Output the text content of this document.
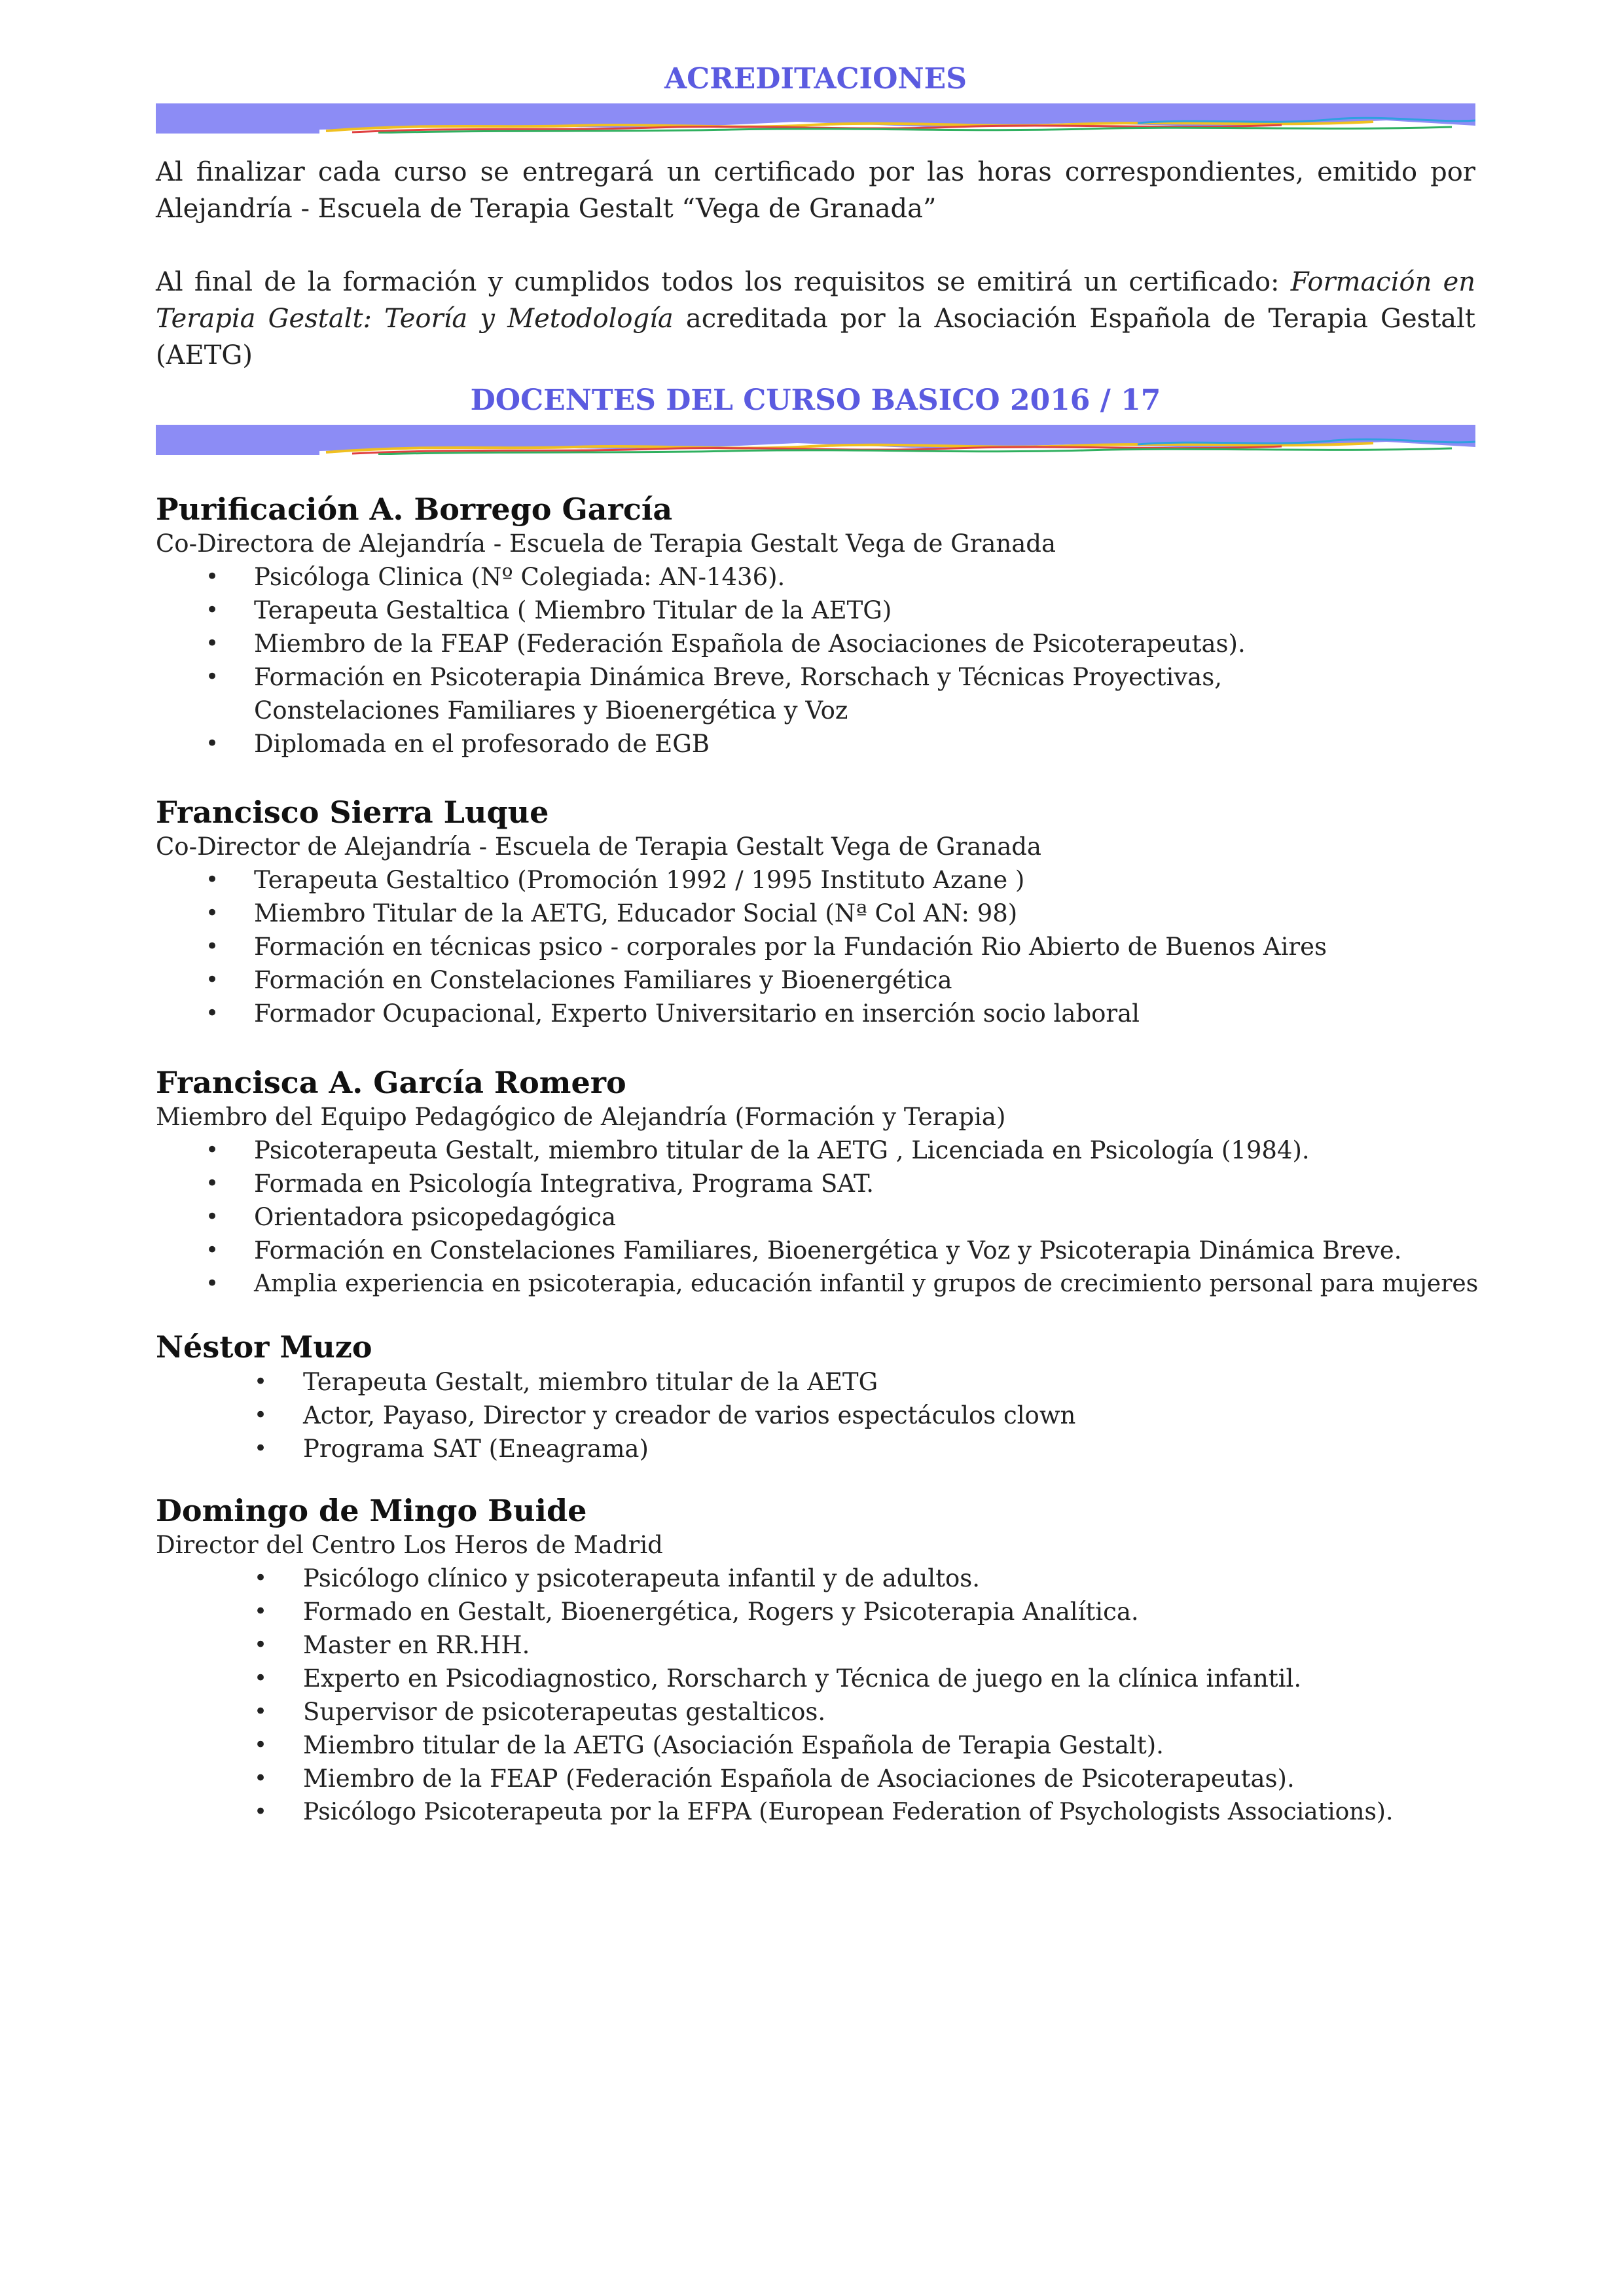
ACREDITACIONES

Al finalizar cada curso se entregará un certificado por las horas correspondientes, emitido por Alejandría - Escuela de Terapia Gestalt “Vega de Granada”

Al final de la formación y cumplidos todos los requisitos se emitirá un certificado: Formación en Terapia Gestalt: Teoría y Metodología acreditada por la Asociación Española de Terapia Gestalt (AETG)

DOCENTES DEL CURSO BASICO 2016 / 17
Purificación A. Borrego García

Co-Directora de Alejandría - Escuela de Terapia Gestalt Vega de Granada

• Psicóloga Clinica (Nº Colegiada: AN-1436).
• Terapeuta Gestaltica ( Miembro Titular de la AETG)
• Miembro de la FEAP (Federación Española de Asociaciones de Psicoterapeutas).
• Formación en Psicoterapia Dinámica Breve, Rorschach y Técnicas Proyectivas, Constelaciones Familiares y Bioenergética y Voz
• Diplomada en el profesorado de EGB
Francisco Sierra Luque

Co-Director de Alejandría - Escuela de Terapia Gestalt Vega de Granada

• Terapeuta Gestaltico (Promoción 1992 / 1995 Instituto Azane )
• Miembro Titular de la AETG, Educador Social (Nª Col AN: 98)
• Formación en técnicas psico - corporales por la Fundación Rio Abierto de Buenos Aires
• Formación en Constelaciones Familiares y Bioenergética
• Formador Ocupacional, Experto Universitario en inserción socio laboral
Francisca A. García Romero

Miembro del Equipo Pedagógico de Alejandría (Formación y Terapia)

• Psicoterapeuta Gestalt, miembro titular de la AETG , Licenciada en Psicología (1984).
• Formada en Psicología Integrativa, Programa SAT.
• Orientadora psicopedagógica
• Formación en Constelaciones Familiares, Bioenergética y Voz y Psicoterapia Dinámica Breve.
• Amplia experiencia en psicoterapia, educación infantil y grupos de crecimiento personal para mujeres
Néstor Muzo
• Terapeuta Gestalt, miembro titular de la AETG
• Actor, Payaso, Director y creador de varios espectáculos clown
• Programa SAT (Eneagrama)
Domingo de Mingo Buide

Director del Centro Los Heros de Madrid

• Psicólogo clínico y psicoterapeuta infantil y de adultos.
• Formado en Gestalt, Bioenergética, Rogers y Psicoterapia Analítica.
• Master en RR.HH.
• Experto en Psicodiagnostico, Rorscharch y Técnica de juego en la clínica infantil.
• Supervisor de psicoterapeutas gestalticos.
• Miembro titular de la AETG (Asociación Española de Terapia Gestalt).
• Miembro de la FEAP (Federación Española de Asociaciones de Psicoterapeutas).
• Psicólogo Psicoterapeuta por la EFPA (European Federation of Psychologists Associations).
